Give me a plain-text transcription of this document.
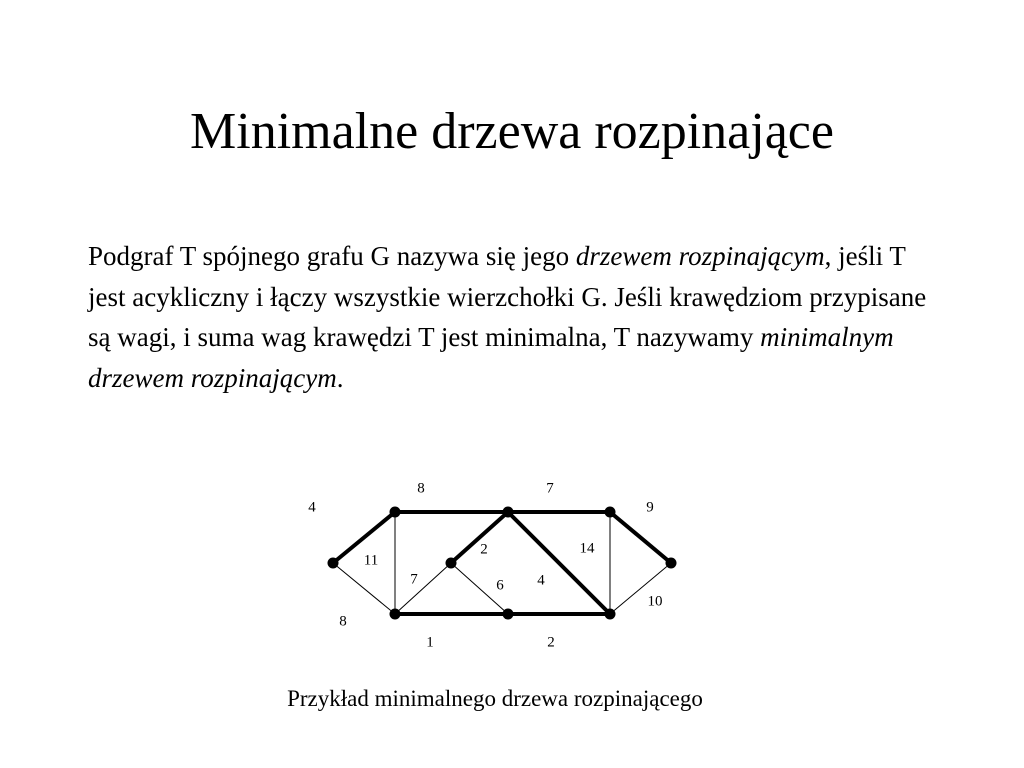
Minimalne drzewa rozpinające

Podgraf T spójnego grafu G nazywa się jego drzewem rozpinającym, jeśli T jest acykliczny i łączy wszystkie wierzchołki G. Jeśli krawędziom przypisane są wagi, i suma wag krawędzi T jest minimalna, T nazywamy minimalnym drzewem rozpinającym.

4
8	7
9
8
11
2
4
14
7	6
1	2
10
Przykład minimalnego drzewa rozpinającego
